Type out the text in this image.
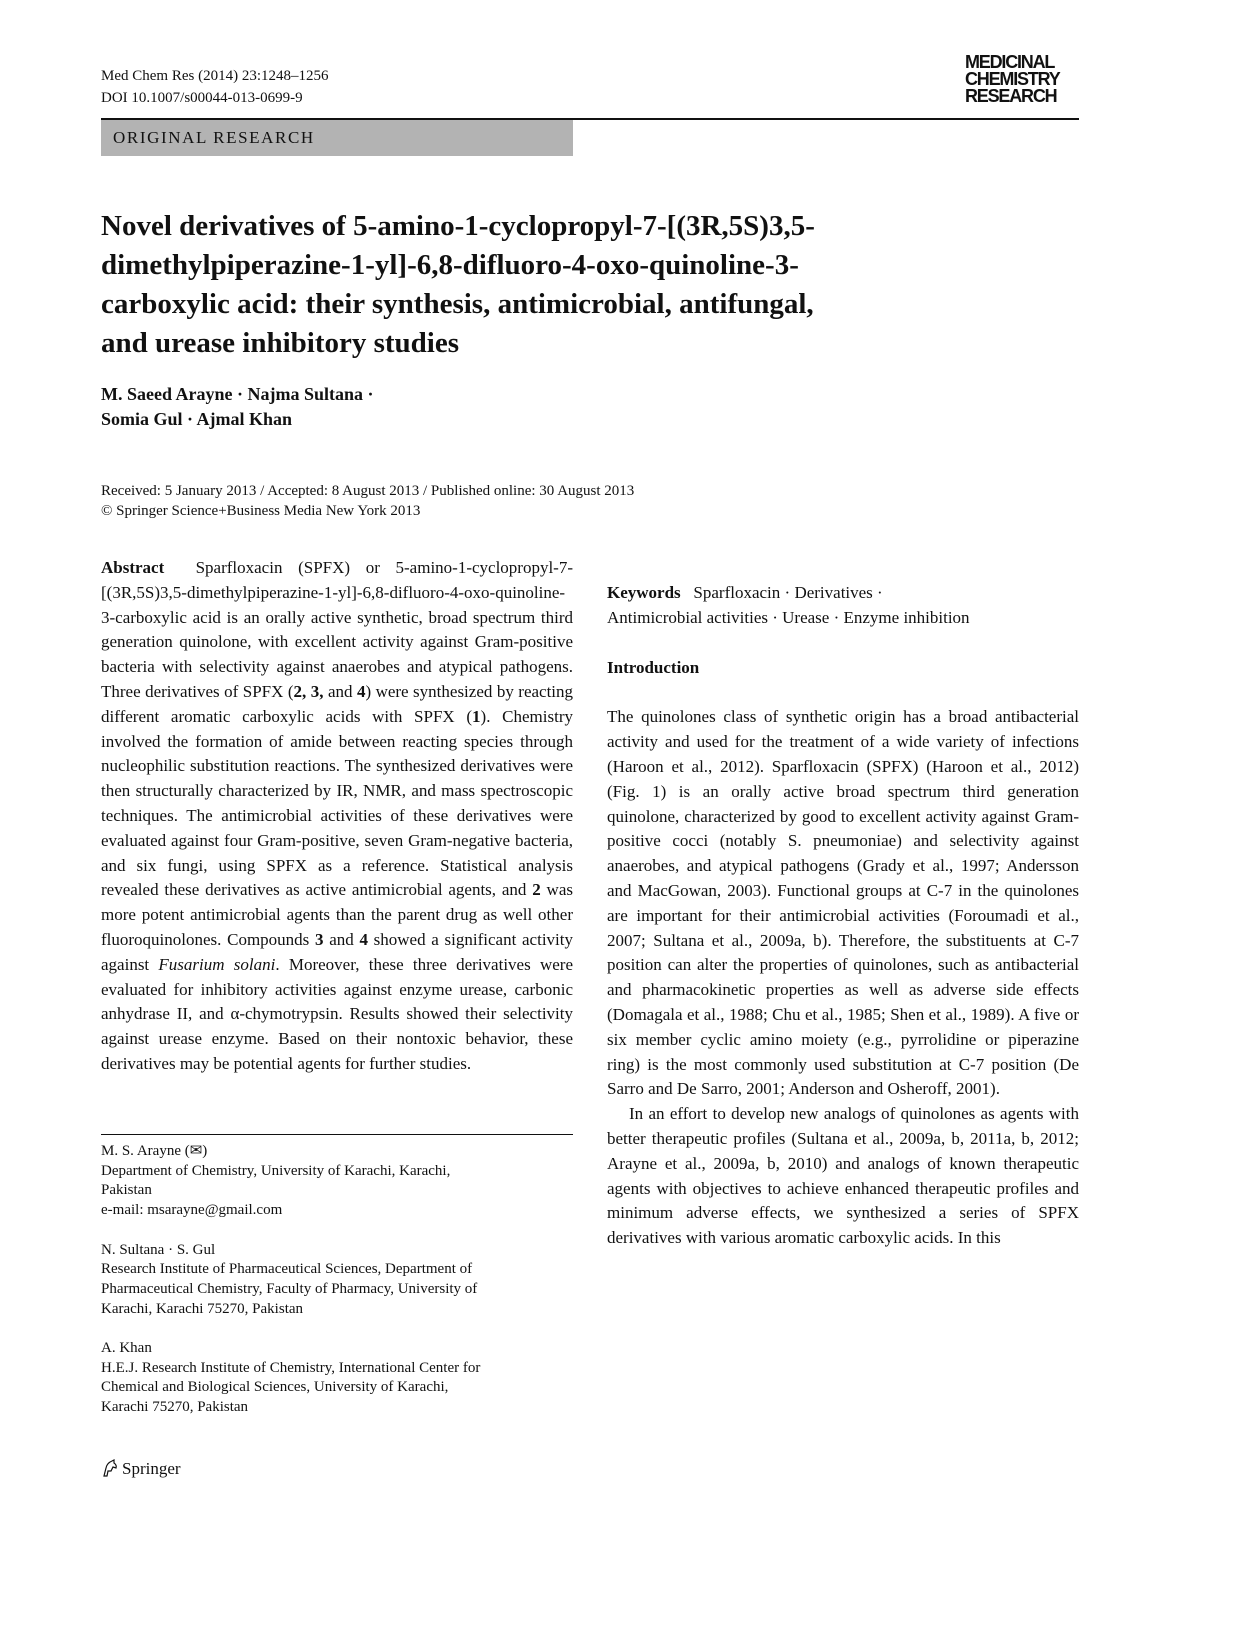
Med Chem Res (2014) 23:1248–1256
DOI 10.1007/s00044-013-0699-9
MEDICINAL
CHEMISTRY
RESEARCH
ORIGINAL RESEARCH
Novel derivatives of 5-amino-1-cyclopropyl-7-[(3R,5S)3,5-
dimethylpiperazine-1-yl]-6,8-difluoro-4-oxo-quinoline-3-
carboxylic acid: their synthesis, antimicrobial, antifungal,
and urease inhibitory studies
M. Saeed Arayne · Najma Sultana ·
Somia Gul · Ajmal Khan
Received: 5 January 2013 / Accepted: 8 August 2013 / Published online: 30 August 2013
© Springer Science+Business Media New York 2013

Abstract Sparfloxacin (SPFX) or 5-amino-1-cyclopropyl-7-[(3R,5S)3,5-dimethylpiperazine-1-yl]-6,8-difluoro-4-oxo-quinoline-3-carboxylic acid is an orally active synthetic, broad spectrum third generation quinolone, with excellent activity against Gram-positive bacteria with selectivity against anaerobes and atypical pathogens. Three derivatives of SPFX (2, 3, and 4) were synthesized by reacting different aromatic carboxylic acids with SPFX (1). Chemistry involved the formation of amide between reacting species through nucleophilic substitution reactions. The synthesized derivatives were then structurally characterized by IR, NMR, and mass spectroscopic techniques. The antimicrobial activities of these derivatives were evaluated against four Gram-positive, seven Gram-negative bacteria, and six fungi, using SPFX as a reference. Statistical analysis revealed these derivatives as active antimicrobial agents, and 2 was more potent antimicrobial agents than the parent drug as well other fluoroquinolones. Compounds 3 and 4 showed a significant activity against Fusarium solani. Moreover, these three derivatives were evaluated for inhibitory activities against enzyme urease, carbonic anhydrase II, and α-chymotrypsin. Results showed their selectivity against urease enzyme. Based on their nontoxic behavior, these derivatives may be potential agents for further studies.

Keywords Sparfloxacin · Derivatives ·
Antimicrobial activities · Urease · Enzyme inhibition

Introduction

The quinolones class of synthetic origin has a broad antibacterial activity and used for the treatment of a wide variety of infections (Haroon et al., 2012). Sparfloxacin (SPFX) (Haroon et al., 2012) (Fig. 1) is an orally active broad spectrum third generation quinolone, characterized by good to excellent activity against Gram-positive cocci (notably S. pneumoniae) and selectivity against anaerobes, and atypical pathogens (Grady et al., 1997; Andersson and MacGowan, 2003). Functional groups at C-7 in the quinolones are important for their antimicrobial activities (Foroumadi et al., 2007; Sultana et al., 2009a, b). Therefore, the substituents at C-7 position can alter the properties of quinolones, such as antibacterial and pharmacokinetic properties as well as adverse side effects (Domagala et al., 1988; Chu et al., 1985; Shen et al., 1989). A five or six member cyclic amino moiety (e.g., pyrrolidine or piperazine ring) is the most commonly used substitution at C-7 position (De Sarro and De Sarro, 2001; Anderson and Osheroff, 2001).

In an effort to develop new analogs of quinolones as agents with better therapeutic profiles (Sultana et al., 2009a, b, 2011a, b, 2012; Arayne et al., 2009a, b, 2010) and analogs of known therapeutic agents with objectives to achieve enhanced therapeutic profiles and minimum adverse effects, we synthesized a series of SPFX derivatives with various aromatic carboxylic acids. In this

M. S. Arayne (✉)
Department of Chemistry, University of Karachi, Karachi,
Pakistan
e-mail: msarayne@gmail.com
N. Sultana · S. Gul
Research Institute of Pharmaceutical Sciences, Department of
Pharmaceutical Chemistry, Faculty of Pharmacy, University of
Karachi, Karachi 75270, Pakistan
A. Khan
H.E.J. Research Institute of Chemistry, International Center for
Chemical and Biological Sciences, University of Karachi,
Karachi 75270, Pakistan
Springer
